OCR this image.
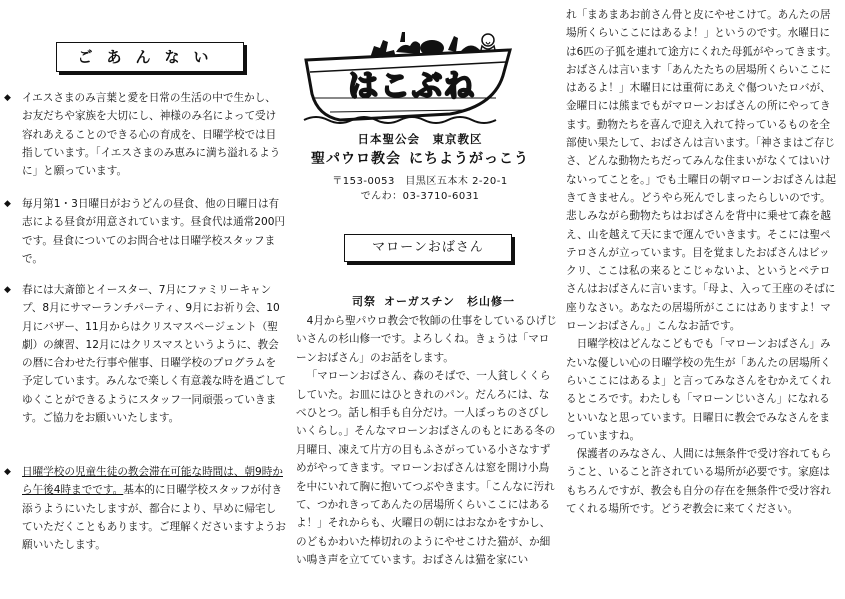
ごあんない

◆ イエスさまのみ言葉と愛を日常の生活の中で生かし、お友だちや家族を大切にし、神様のみ名によって受け容れあえることのできる心の育成を、日曜学校では目指しています。「イエスさまのみ恵みに満ち溢れるように」と願っています。

◆ 毎月第1・3日曜日がおうどんの昼食、他の日曜日は有志による昼食が用意されています。昼食代は通常200円です。昼食についてのお問合せは日曜学校スタッフまで。

◆ 春には大斎節とイースター、7月にファミリーキャンプ、8月にサマーランチパーティ、9月にお祈り会、10月にバザー、11月からはクリスマスページェント（聖劇）の練習、12月にはクリスマスというように、教会の暦に合わせた行事や催事、日曜学校のプログラムを予定しています。みんなで楽しく有意義な時を過ごしてゆくことができるようにスタッフ一同頑張っていきます。ご協力をお願いいたします。

◆ 日曜学校の児童生徒の教会滞在可能な時間は、朝9時から午後4時までです。基本的に日曜学校スタッフが付き添うようにいたしますが、都合により、早めに帰宅していただくこともあります。ご理解くださいますようお願いいたします。

はこぶね
日本聖公会　東京教区
聖パウロ教会 にちようがっこう
〒153-0053　目黒区五本木 2-20-1
でんわ：03-3710-6031
マローンおばさん
司祭 オーガスチン　杉山修一

4月から聖パウロ教会で牧師の仕事をしているひげじいさんの杉山修一です。よろしくね。きょうは「マローンおばさん」のお話をします。

「マローンおばさん、森のそばで、一人貧しくくらしていた。お皿にはひときれのパン。だんろには、なべひとつ。話し相手も自分だけ。一人ぼっちのさびしいくらし。」そんなマローンおばさんのもとにある冬の月曜日、凍えて片方の目もふさがっている小さなすずめがやってきます。マローンおばさんは窓を開け小鳥を中にいれて胸に抱いてつぶやきます。「こんなに汚れて、つかれきってあんたの居場所くらいここにはあるよ！」それからも、火曜日の朝にはおなかをすかし、のどもかわいた棒切れのようにやせこけた猫が、か細い鳴き声を立てています。おばさんは猫を家にい

れ「まあまあお前さん骨と皮にやせこけて。あんたの居場所くらいここにはあるよ！」というのです。水曜日には6匹の子狐を連れて途方にくれた母狐がやってきます。おばさんは言います「あんたたちの居場所くらいここにはあるよ！」木曜日には重荷にあえぐ傷ついたロバが、金曜日には熊までもがマローンおばさんの所にやってきます。動物たちを喜んで迎え入れて持っているものを全部使い果たして、おばさんは言います。「神さまはご存じさ、どんな動物たちだってみんな住まいがなくてはいけないってことを。」でも土曜日の朝マローンおばさんは起きてきません。どうやら死んでしまったらしいのです。悲しみながら動物たちはおばさんを背中に乗せて森を越え、山を越えて天にまで運んでいきます。そこには聖ペテロさんが立っています。目を覚ましたおばさんはビックリ、ここは私の来るとこじゃないよ、というとペテロさんはおばさんに言います。「母よ、入って王座のそばに座りなさい。あなたの居場所がここにはありますよ！マローンおばさん。」こんなお話です。

日曜学校はどんなこどもでも「マローンおばさん」みたいな優しい心の日曜学校の先生が「あんたの居場所くらいここにはあるよ」と言ってみなさんをむかえてくれるところです。わたしも「マローンじいさん」になれるといいなと思っています。日曜日に教会でみなさんをまっていますね。

保護者のみなさん、人間には無条件で受け容れてもらうこと、いること許されている場所が必要です。家庭はもちろんですが、教会も自分の存在を無条件で受け容れてくれる場所です。どうぞ教会に来てください。
